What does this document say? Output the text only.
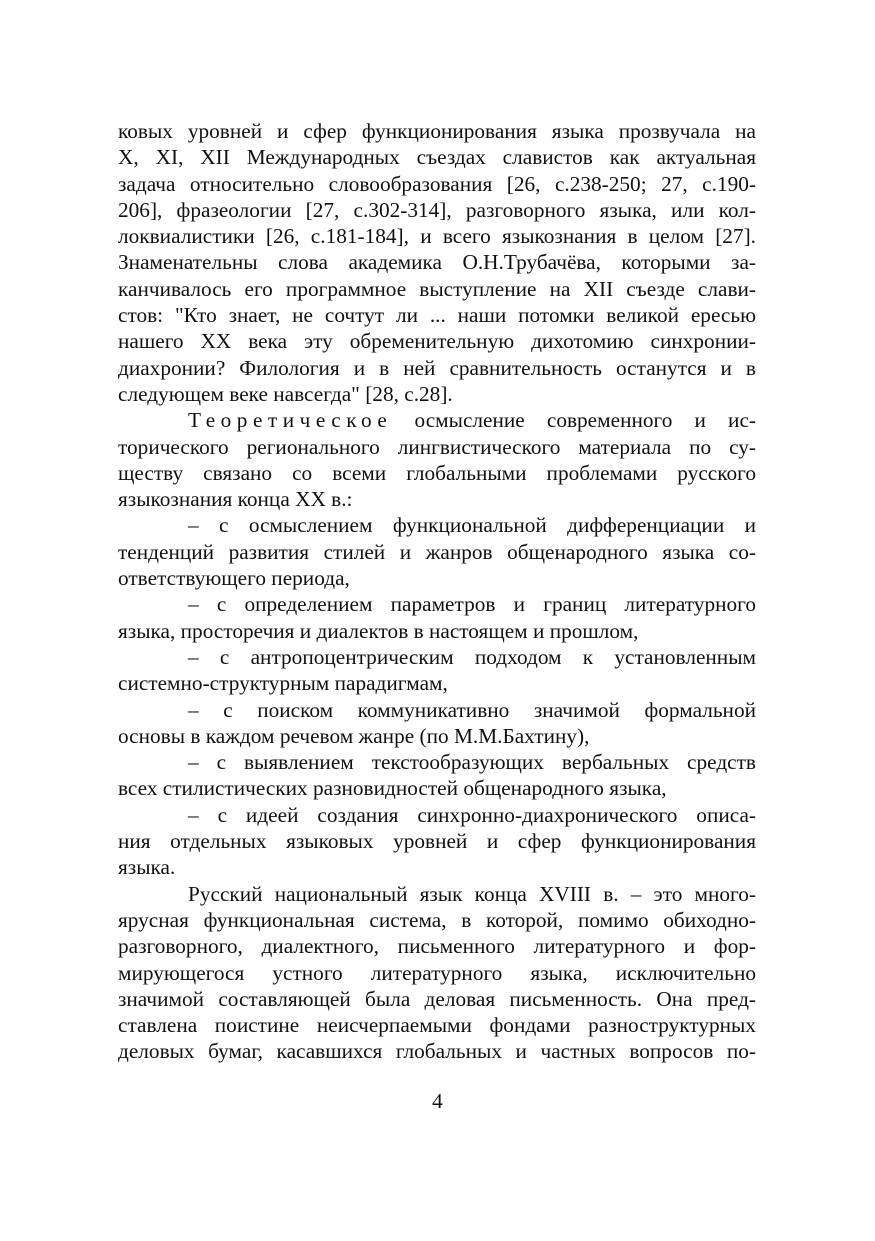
ковых уровней и сфер функционирования языка прозвучала на
X, XI, XII Международных съездах славистов как актуальная
задача относительно словообразования [26, с.238-250; 27, с.190-
206], фразеологии [27, с.302-314], разговорного языка, или кол-
локвиалистики [26, с.181-184], и всего языкознания в целом [27].
Знаменательны слова академика О.Н.Трубачёва, которыми за-
канчивалось его программное выступление на XII съезде слави-
стов: "Кто знает, не сочтут ли ... наши потомки великой ересью
нашего XX века эту обременительную дихотомию синхронии-
диахронии? Филология и в ней сравнительность останутся и в
следующем веке навсегда" [28, с.28].
Теоретическое осмысление современного и ис-
торического регионального лингвистического материала по су-
ществу связано со всеми глобальными проблемами русского
языкознания конца XX в.:
– с осмыслением функциональной дифференциации и
тенденций развития стилей и жанров общенародного языка со-
ответствующего периода,
– с определением параметров и границ литературного
языка, просторечия и диалектов в настоящем и прошлом,
– с антропоцентрическим подходом к установленным
системно-структурным парадигмам,
– с поиском коммуникативно значимой формальной
основы в каждом речевом жанре (по М.М.Бахтину),
– с выявлением текстообразующих вербальных средств
всех стилистических разновидностей общенародного языка,
– с идеей создания синхронно-диахронического описа-
ния отдельных языковых уровней и сфер функционирования
языка.
Русский национальный язык конца XVIII в. – это много-
ярусная функциональная система, в которой, помимо обиходно-
разговорного, диалектного, письменного литературного и фор-
мирующегося устного литературного языка, исключительно
значимой составляющей была деловая письменность. Она пред-
ставлена поистине неисчерпаемыми фондами разноструктурных
деловых бумаг, касавшихся глобальных и частных вопросов по-
4
